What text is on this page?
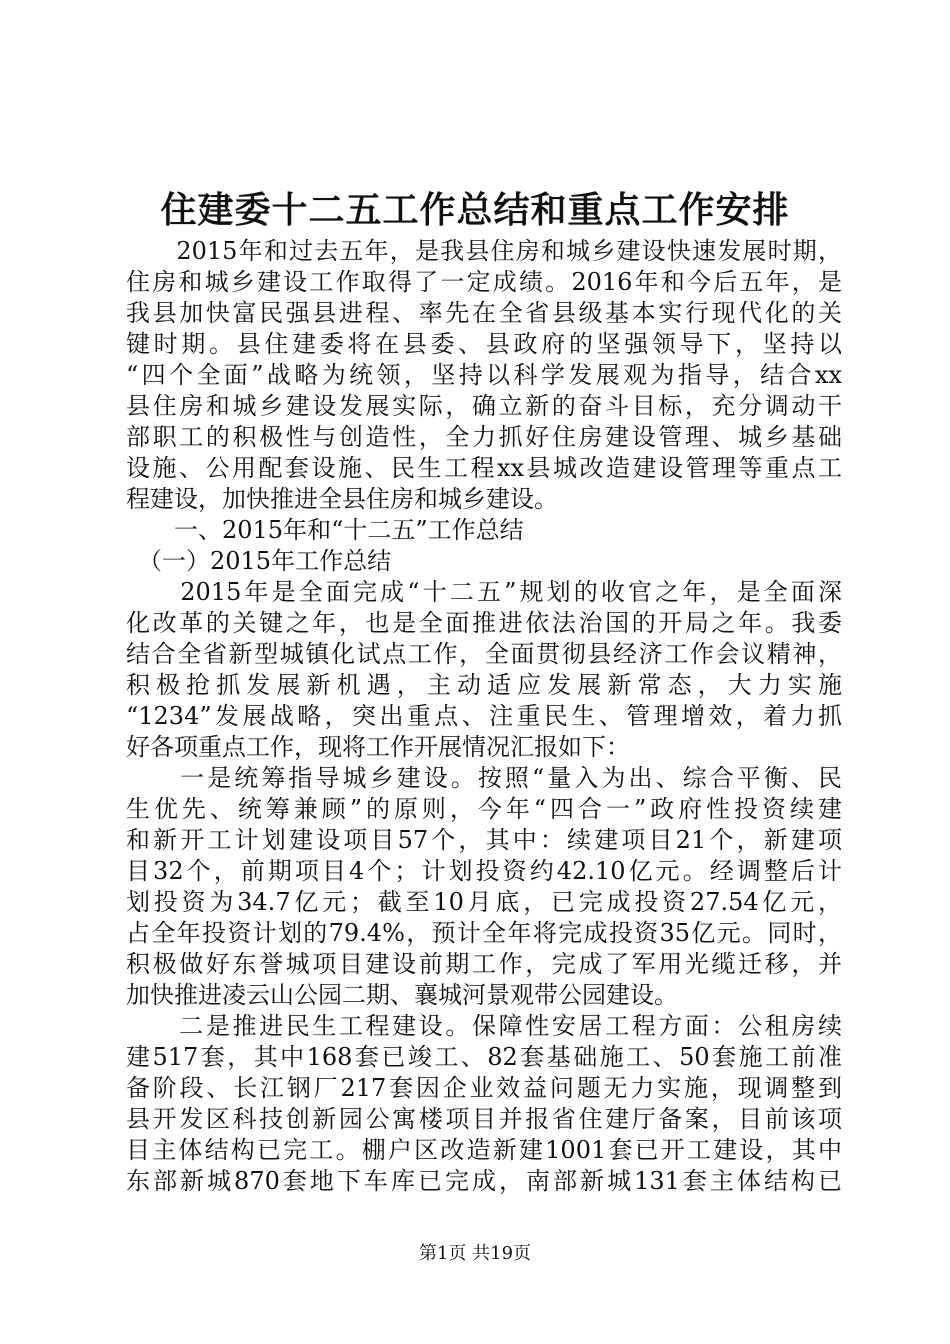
住建委十二五工作总结和重点工作安排
　　2015年和过去五年，是我县住房和城乡建设快速发展时期，
住房和城乡建设工作取得了一定成绩。2016年和今后五年，是
我县加快富民强县进程、率先在全省县级基本实行现代化的关
键时期。县住建委将在县委、县政府的坚强领导下，坚持以
“四个全面”战略为统领，坚持以科学发展观为指导，结合xx
县住房和城乡建设发展实际，确立新的奋斗目标，充分调动干
部职工的积极性与创造性，全力抓好住房建设管理、城乡基础
设施、公用配套设施、民生工程xx县城改造建设管理等重点工
程建设，加快推进全县住房和城乡建设。
　　一、2015年和“十二五”工作总结
　（一）2015年工作总结
　　2015年是全面完成“十二五”规划的收官之年，是全面深
化改革的关键之年，也是全面推进依法治国的开局之年。我委
结合全省新型城镇化试点工作，全面贯彻县经济工作会议精神，
积极抢抓发展新机遇，主动适应发展新常态，大力实施
“1234”发展战略，突出重点、注重民生、管理增效，着力抓
好各项重点工作，现将工作开展情况汇报如下：
　　一是统筹指导城乡建设。按照“量入为出、综合平衡、民
生优先、统筹兼顾”的原则，今年“四合一”政府性投资续建
和新开工计划建设项目57个，其中：续建项目21个，新建项
目32个，前期项目4个；计划投资约42.10亿元。经调整后计
划投资为34.7亿元；截至10月底，已完成投资27.54亿元，
占全年投资计划的79.4%，预计全年将完成投资35亿元。同时，
积极做好东誉城项目建设前期工作，完成了军用光缆迁移，并
加快推进凌云山公园二期、襄城河景观带公园建设。
　　二是推进民生工程建设。保障性安居工程方面：公租房续
建517套，其中168套已竣工、82套基础施工、50套施工前准
备阶段、长江钢厂217套因企业效益问题无力实施，现调整到
县开发区科技创新园公寓楼项目并报省住建厅备案，目前该项
目主体结构已完工。棚户区改造新建1001套已开工建设，其中
东部新城870套地下车库已完成，南部新城131套主体结构已
第1页 共19页
